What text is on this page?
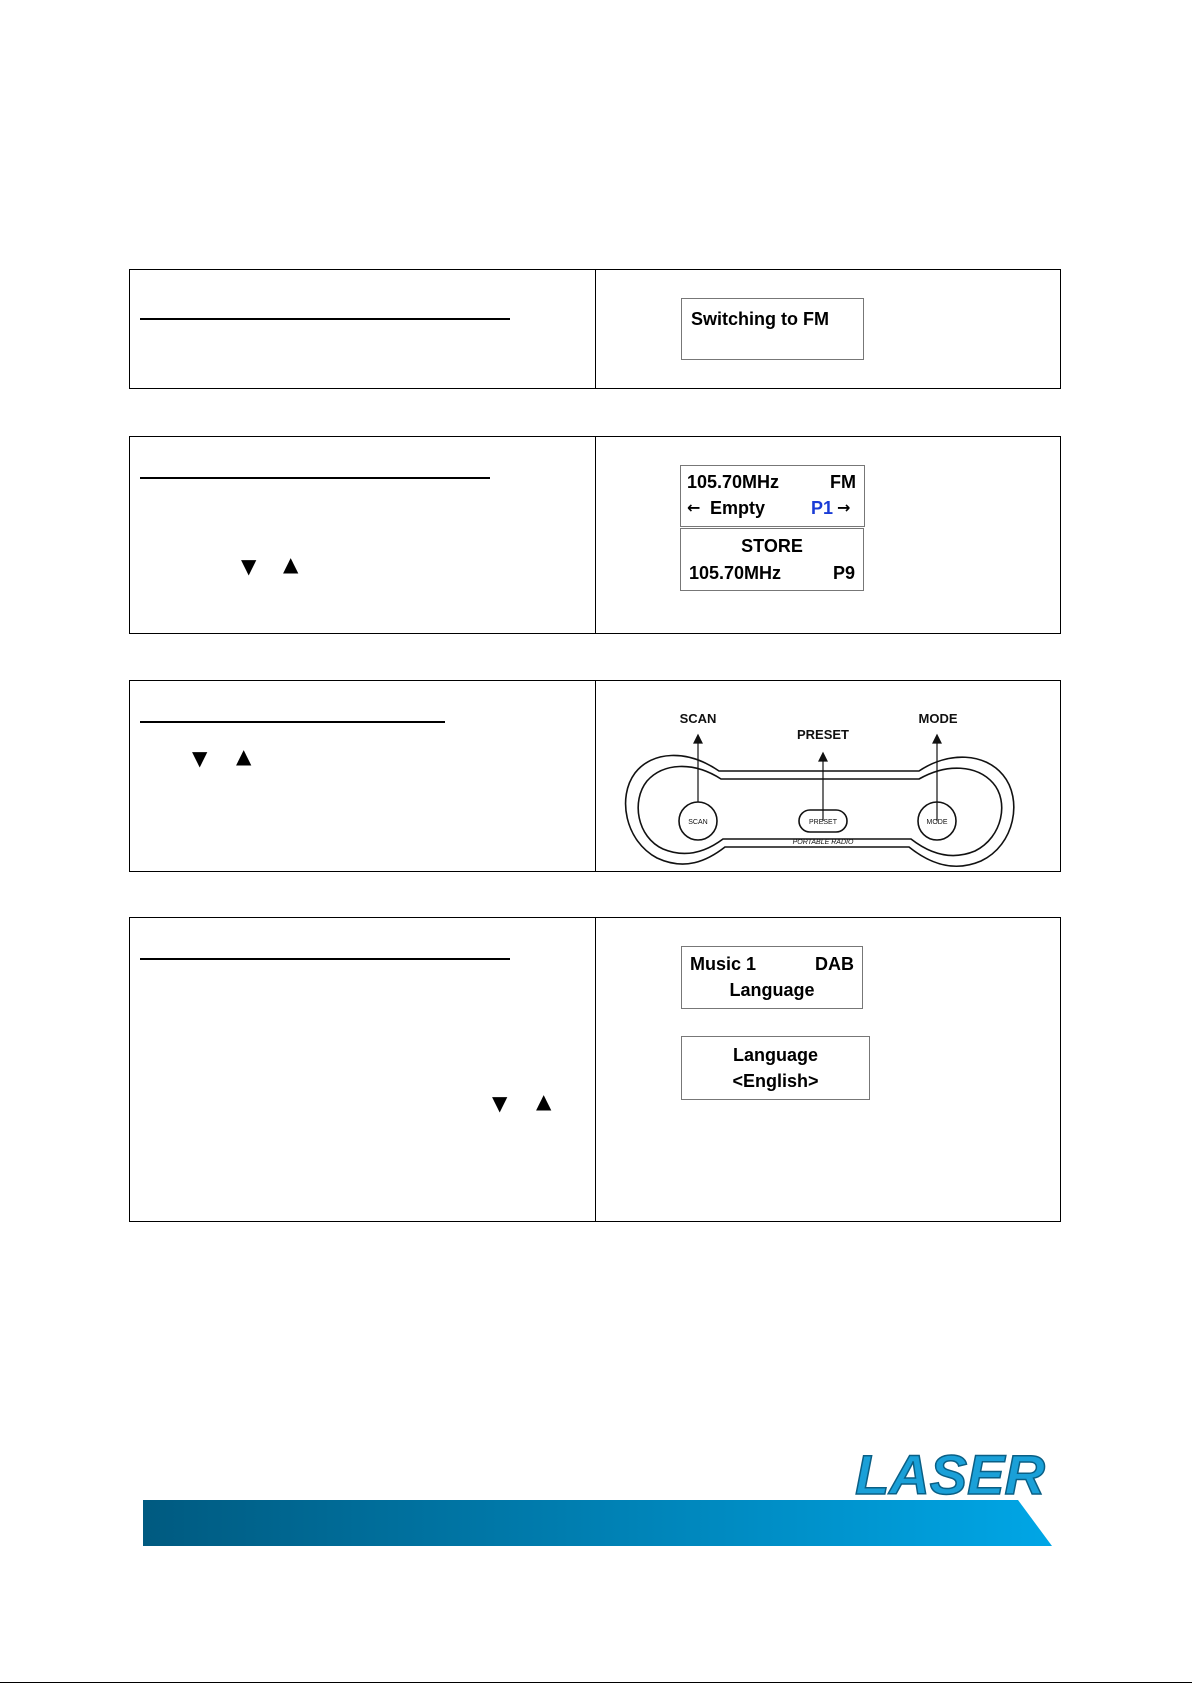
Switching to FM
▼ ▲
105.70MHz	FM
← Empty	P1 →
STORE
105.70MHz	P9
▼ ▲
SCAN
PRESET
MODE
SCAN	PRESET	MODE
PORTABLE RADIO
▼ ▲
Music 1	DAB
Language
Language
<English>
LASER
